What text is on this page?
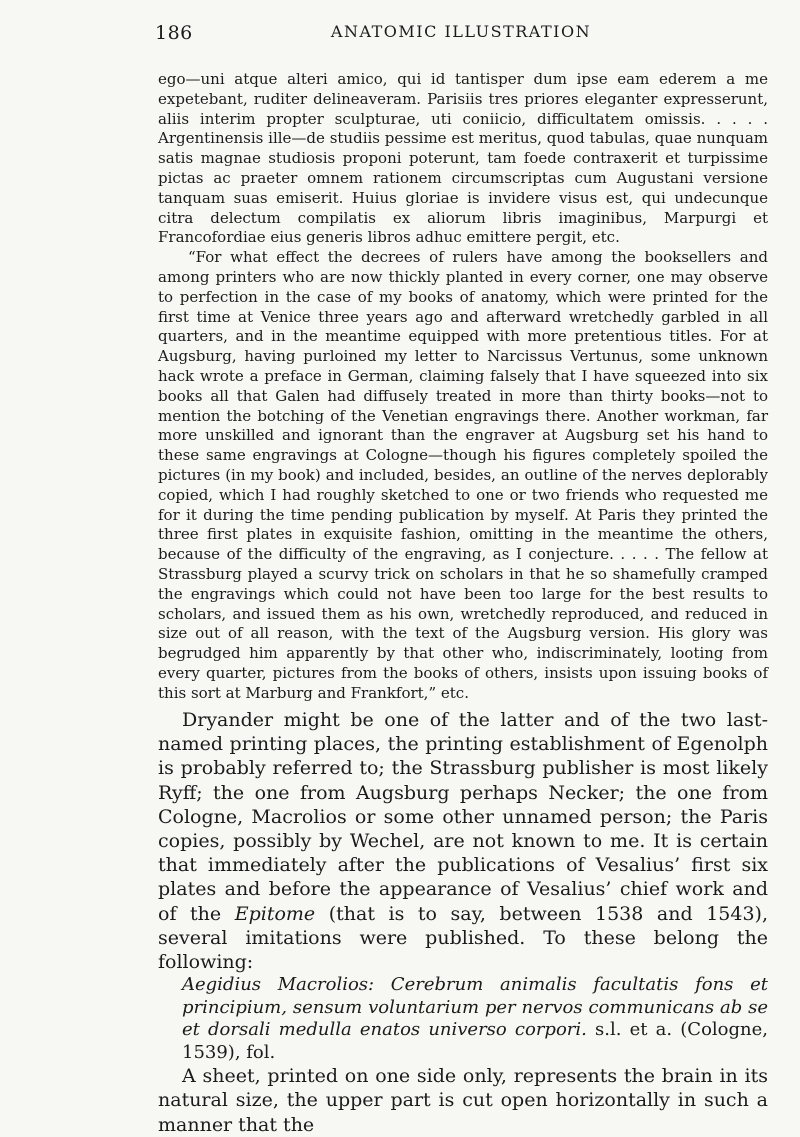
186	ANATOMIC ILLUSTRATION

ego—uni atque alteri amico, qui id tantisper dum ipse eam ederem a me expetebant, ruditer delineaveram. Parisiis tres priores eleganter expresserunt, aliis interim propter sculpturae, uti coniicio, difficultatem omissis. . . . . Argentinensis ille—de studiis pessime est meritus, quod tabulas, quae nunquam satis magnae studiosis proponi poterunt, tam foede contraxerit et turpissime pictas ac praeter omnem rationem circumscriptas cum Augustani versione tanquam suas emiserit. Huius gloriae is invidere visus est, qui undecunque citra delectum compilatis ex aliorum libris imaginibus, Marpurgi et Francofordiae eius generis libros adhuc emittere pergit, etc.

“For what effect the decrees of rulers have among the booksellers and among printers who are now thickly planted in every corner, one may observe to perfection in the case of my books of anatomy, which were printed for the first time at Venice three years ago and afterward wretchedly garbled in all quarters, and in the meantime equipped with more pretentious titles. For at Augsburg, having purloined my letter to Narcissus Vertunus, some unknown hack wrote a preface in German, claiming falsely that I have squeezed into six books all that Galen had diffusely treated in more than thirty books—not to mention the botching of the Venetian engravings there. Another workman, far more unskilled and ignorant than the engraver at Augsburg set his hand to these same engravings at Cologne—though his figures completely spoiled the pictures (in my book) and included, besides, an outline of the nerves deplorably copied, which I had roughly sketched to one or two friends who requested me for it during the time pending publication by myself. At Paris they printed the three first plates in exquisite fashion, omitting in the meantime the others, because of the difficulty of the engraving, as I conjecture. . . . . The fellow at Strassburg played a scurvy trick on scholars in that he so shamefully cramped the engravings which could not have been too large for the best results to scholars, and issued them as his own, wretchedly reproduced, and reduced in size out of all reason, with the text of the Augsburg version. His glory was begrudged him apparently by that other who, indiscriminately, looting from every quarter, pictures from the books of others, insists upon issuing books of this sort at Marburg and Frankfort,” etc.

Dryander might be one of the latter and of the two last-named printing places, the printing establishment of Egenolph is probably referred to; the Strassburg publisher is most likely Ryff; the one from Augsburg perhaps Necker; the one from Cologne, Macrolios or some other unnamed person; the Paris copies, possibly by Wechel, are not known to me. It is certain that immediately after the publications of Vesalius’ first six plates and before the appearance of Vesalius’ chief work and of the Epitome (that is to say, between 1538 and 1543), several imitations were published. To these belong the following:

Aegidius Macrolios: Cerebrum animalis facultatis fons et principium, sensum voluntarium per nervos communicans ab se et dorsali medulla enatos universo corpori. s.l. et a. (Cologne, 1539), fol.

A sheet, printed on one side only, represents the brain in its natural size, the upper part is cut open horizontally in such a manner that the
